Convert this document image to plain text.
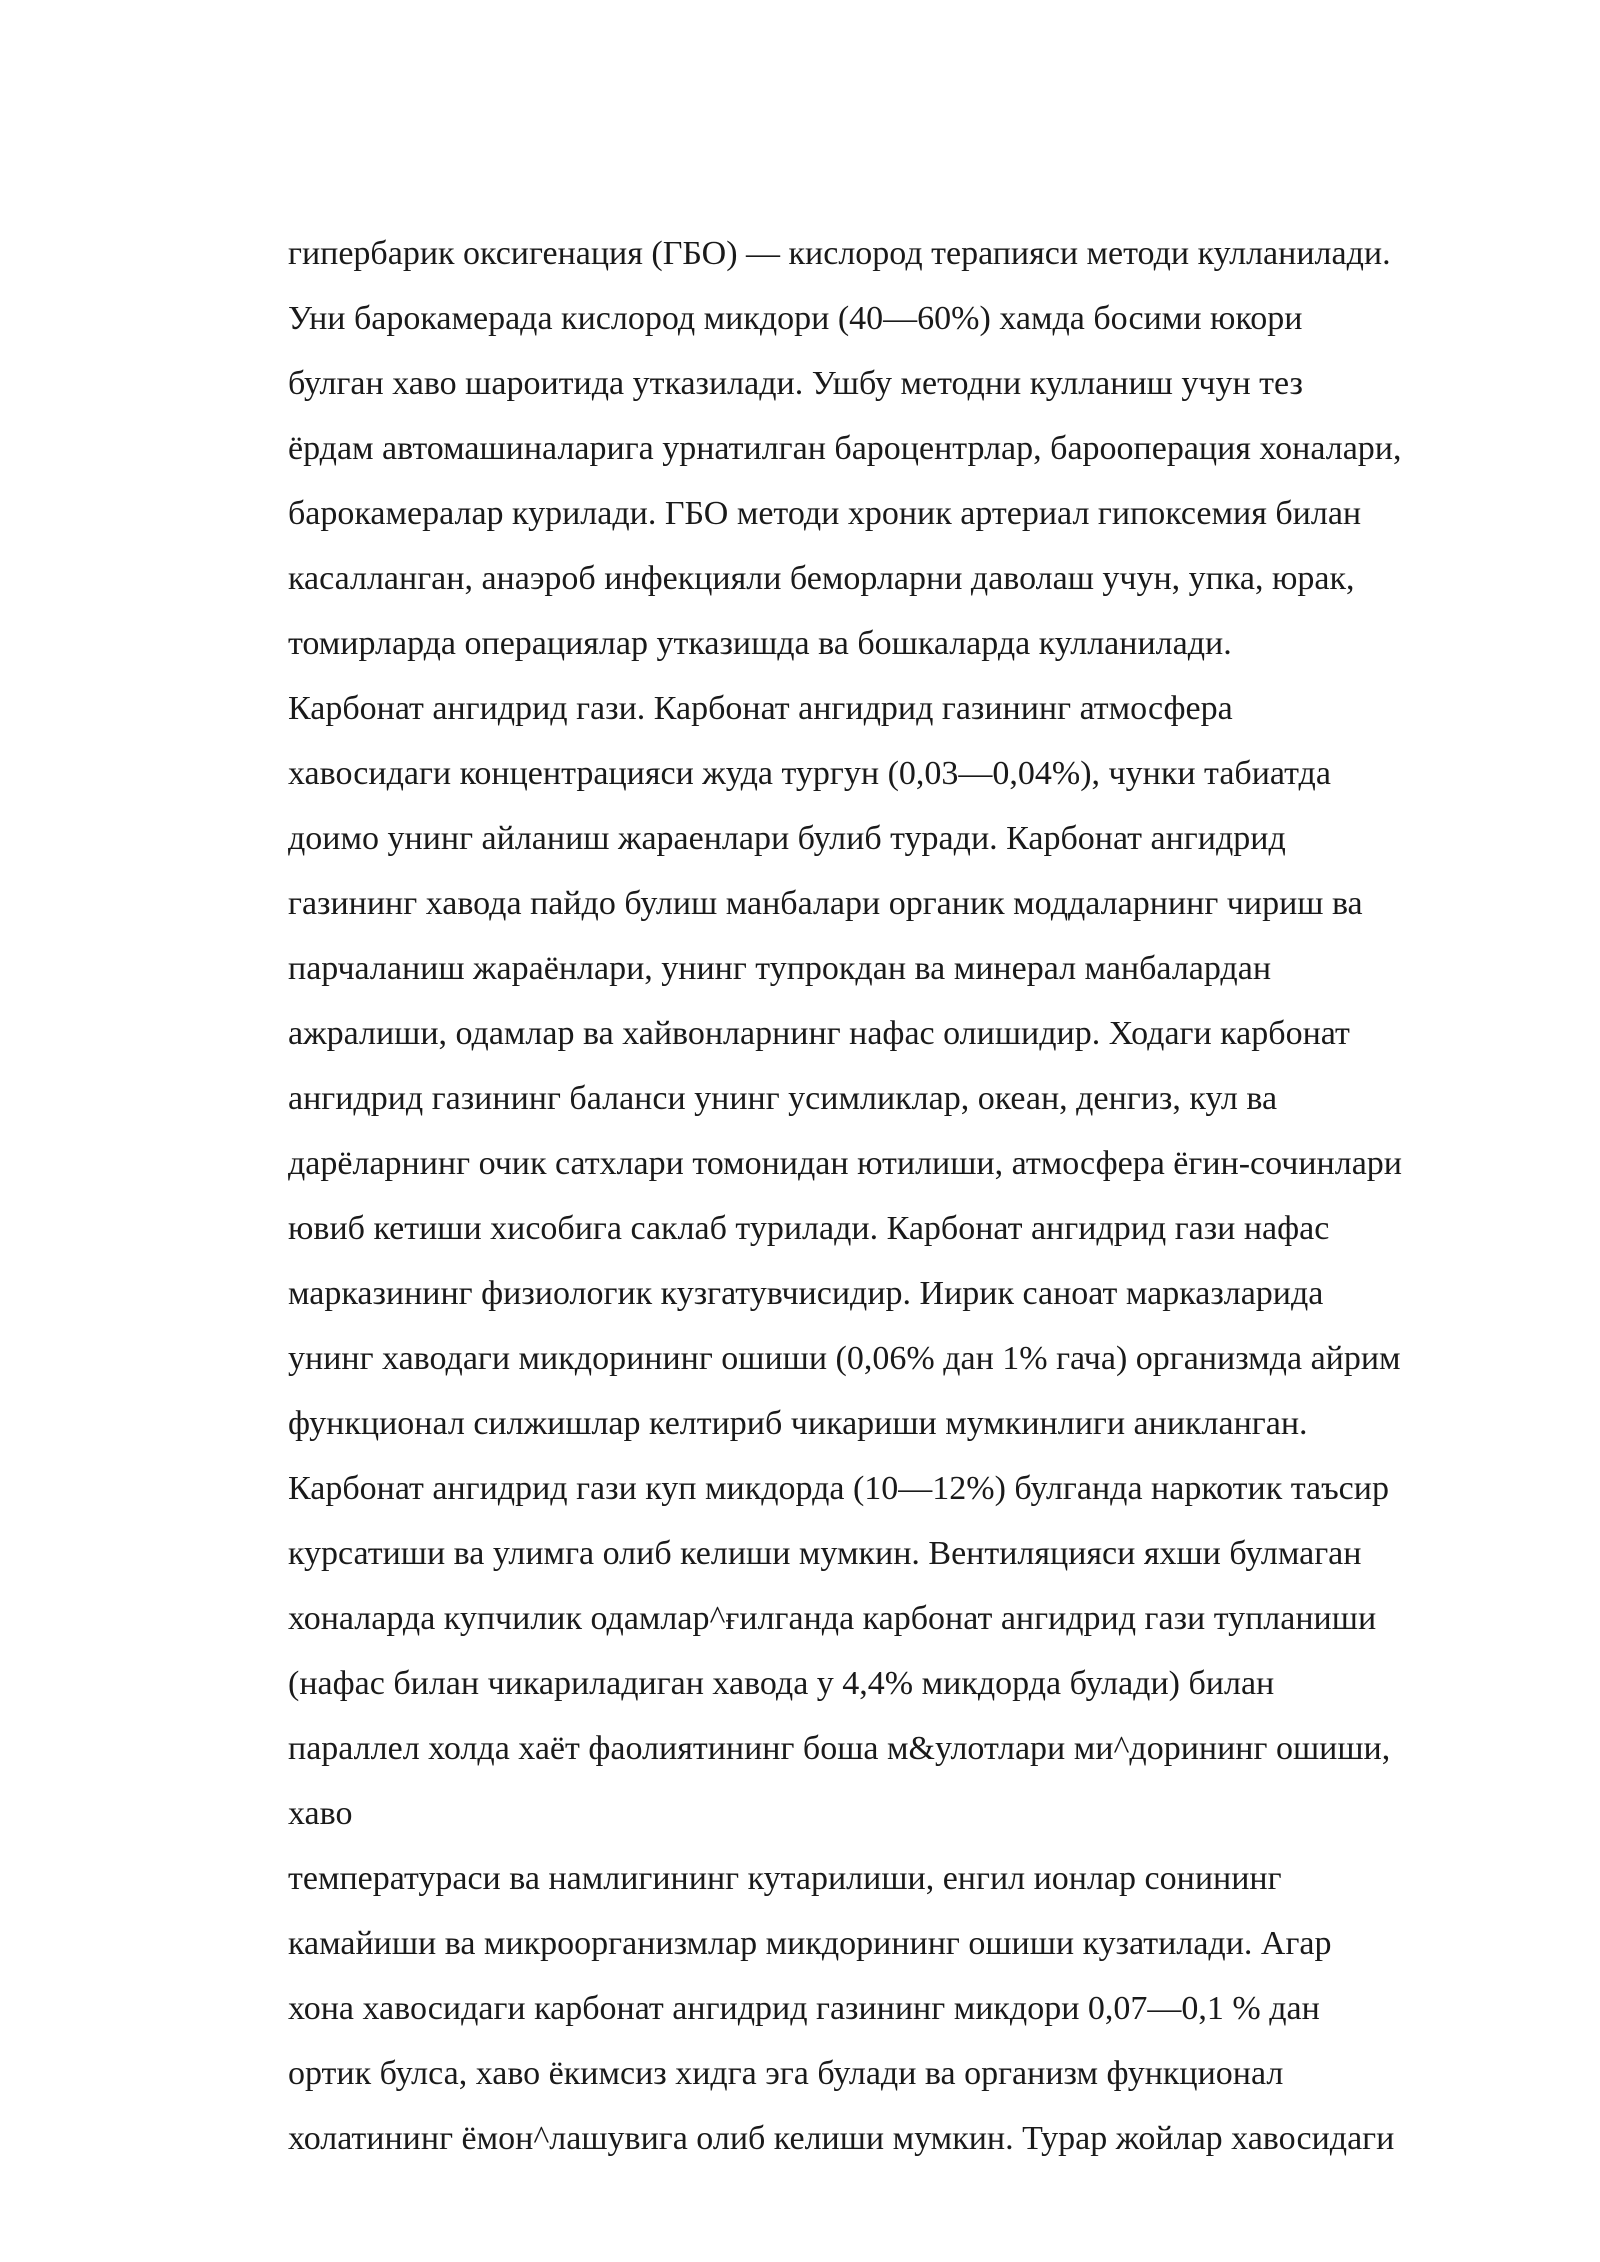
гипербарик оксигенация (ГБО) — кислород терапияси методи кулланилади.
Уни барокамерада кислород микдори (40—60%) хамда босими юкори
булган хаво шароитида утказилади. Ушбу методни кулланиш учун тез
ёрдам автомашиналарига урнатилган бароцентрлар, барооперация хоналари,
барокамералар курилади. ГБО методи хроник артериал гипоксемия билан
касалланган, анаэроб инфекцияли беморларни даволаш учун, упка, юрак,
томирларда операциялар утказишда ва бошкаларда кулланилади.
Карбонат ангидрид гази. Карбонат ангидрид газининг атмосфера
хавосидаги концентрацияси жуда тургун (0,03—0,04%), чунки табиатда
доимо унинг айланиш жараенлари булиб туради. Карбонат ангидрид
газининг хавода пайдо булиш манбалари органик моддаларнинг чириш ва
парчаланиш жараёнлари, унинг тупрокдан ва минерал манбалардан
ажралиши, одамлар ва хайвонларнинг нафас олишидир. Ходаги карбонат
ангидрид газининг баланси унинг усимликлар, океан, денгиз, кул ва
дарёларнинг очик сатхлари томонидан ютилиши, атмосфера ёгин-сочинлари
ювиб кетиши хисобига саклаб турилади. Карбонат ангидрид гази нафас
марказининг физиологик кузгатувчисидир. Иирик саноат марказларида
унинг хаводаги микдорининг ошиши (0,06% дан 1% гача) организмда айрим
функционал силжишлар келтириб чикариши мумкинлиги аникланган.
Карбонат ангидрид гази куп микдорда (10—12%) булганда наркотик таъсир
курсатиши ва улимга олиб келиши мумкин. Вентиляцияси яхши булмаган
хоналарда купчилик одамлар^ғилганда карбонат ангидрид гази тупланиши
(нафас билан чикариладиган хавода у 4,4% микдорда булади) билан
параллел холда хаёт фаолиятининг боша м&улотлари ми^дорининг ошиши,
хаво
температураси ва намлигининг кутарилиши, енгил ионлар сонининг
камайиши ва микроорганизмлар микдорининг ошиши кузатилади. Агар
хона хавосидаги карбонат ангидрид газининг микдори 0,07—0,1 % дан
ортик булса, хаво ёкимсиз хидга эга булади ва организм функционал
холатининг ёмон^лашувига олиб келиши мумкин. Турар жойлар хавосидаги
